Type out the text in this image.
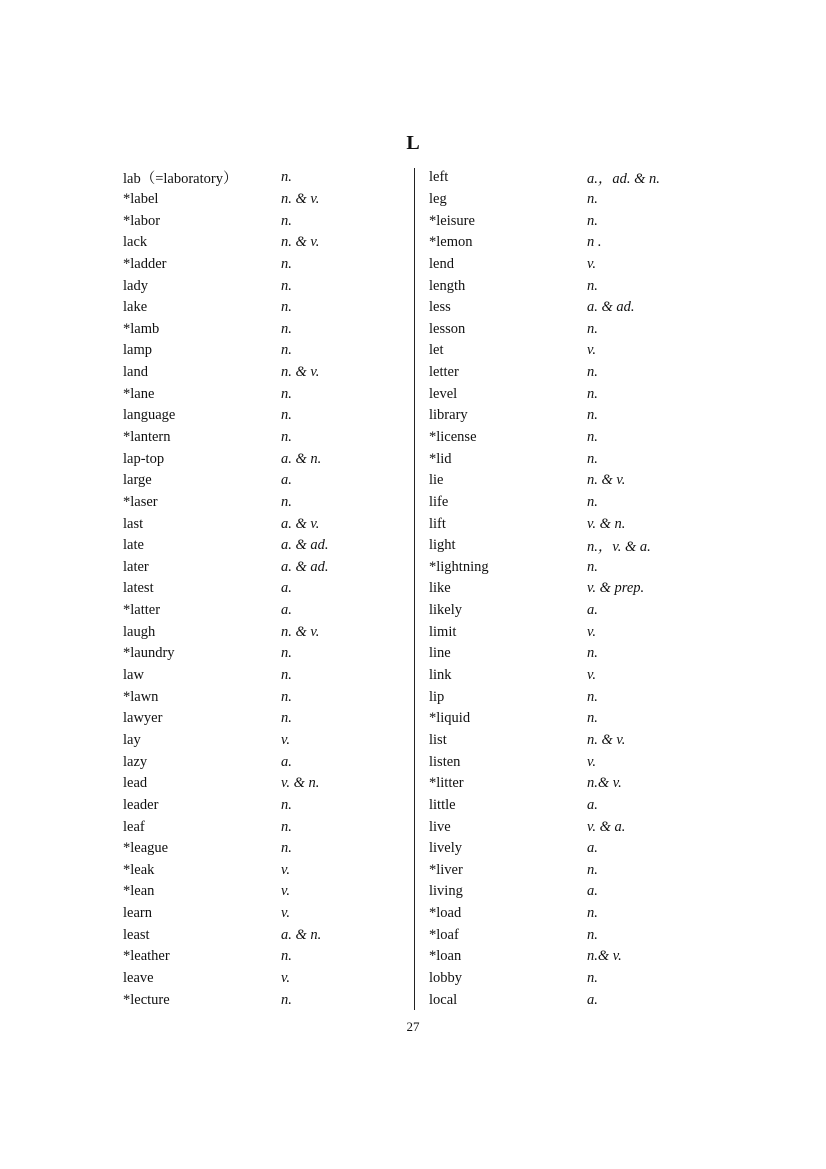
L
lab（=laboratory）	n.
*label	n. & v.
*labor	n.
lack	n. & v.
*ladder	n.
lady	n.
lake	n.
*lamb	n.
lamp	n.
land	n. & v.
*lane	n.
language	n.
*lantern	n.
lap-top	a. & n.
large	a.
*laser	n.
last	a. & v.
late	a. & ad.
later	a. & ad.
latest	a.
*latter	a.
laugh	n. & v.
*laundry	n.
law	n.
*lawn	n.
lawyer	n.
lay	v.
lazy	a.
lead	v. & n.
leader	n.
leaf	n.
*league	n.
*leak	v.
*lean	v.
learn	v.
least	a. & n.
*leather	n.
leave	v.
*lecture	n.
left	a.，ad. & n.
leg	n.
*leisure	n.
*lemon	n .
lend	v.
length	n.
less	a. & ad.
lesson	n.
let	v.
letter	n.
level	n.
library	n.
*license	n.
*lid	n.
lie	n. & v.
life	n.
lift	v. & n.
light	n.，v. & a.
*lightning	n.
like	v. & prep.
likely	a.
limit	v.
line	n.
link	v.
lip	n.
*liquid	n.
list	n. & v.
listen	v.
*litter	n.& v.
little	a.
live	v. & a.
lively	a.
*liver	n.
living	a.
*load	n.
*loaf	n.
*loan	n.& v.
lobby	n.
local	a.
27
